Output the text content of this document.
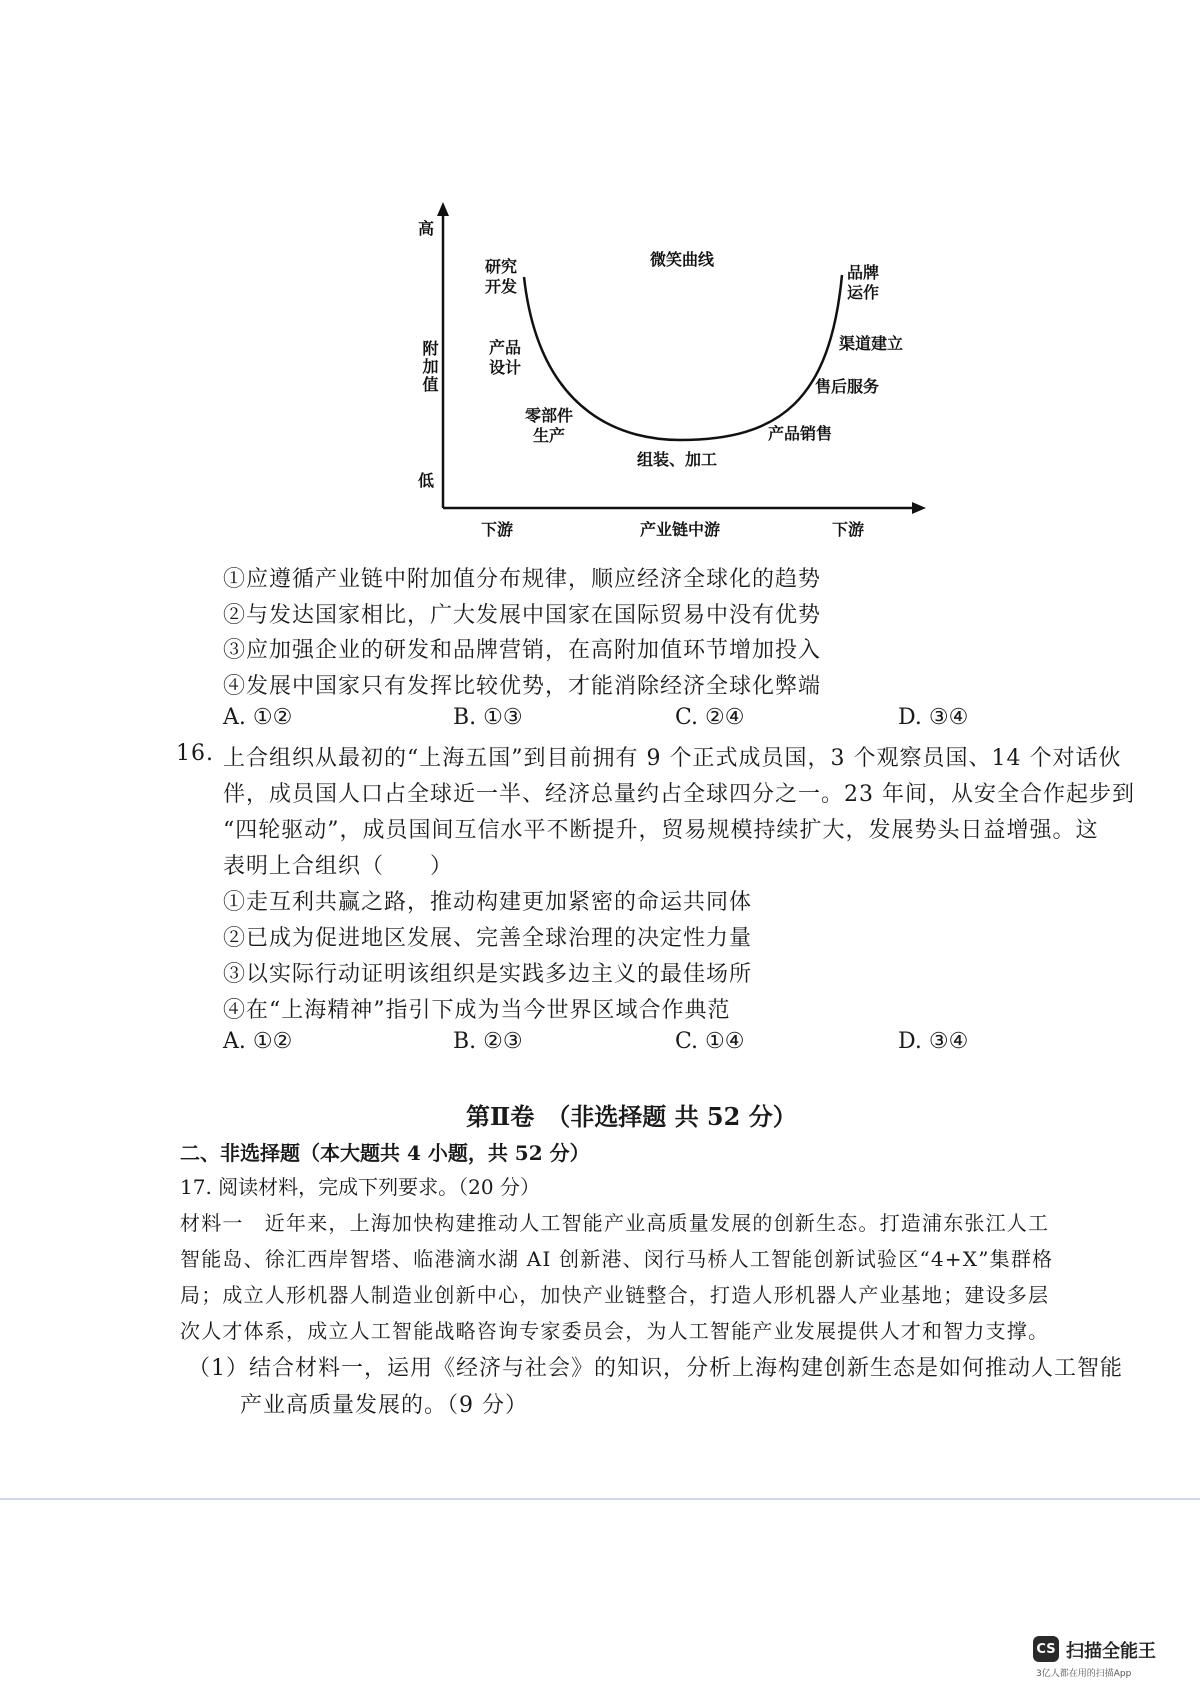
高
附加值
低
下游	产业链中游	下游
微笑曲线
研究
开发
产品
设计
零部件
生产
组装、加工
产品销售
售后服务
渠道建立
品牌
运作
①应遵循产业链中附加值分布规律，顺应经济全球化的趋势
②与发达国家相比，广大发展中国家在国际贸易中没有优势
③应加强企业的研发和品牌营销，在高附加值环节增加投入
④发展中国家只有发挥比较优势，才能消除经济全球化弊端
A. ①②	B. ①③	C. ②④	D. ③④
16. 上合组织从最初的“上海五国”到目前拥有 9 个正式成员国，3 个观察员国、14 个对话伙
伴，成员国人口占全球近一半、经济总量约占全球四分之一。23 年间，从安全合作起步到
“四轮驱动”，成员国间互信水平不断提升，贸易规模持续扩大，发展势头日益增强。这
表明上合组织（　　）
①走互利共赢之路，推动构建更加紧密的命运共同体
②已成为促进地区发展、完善全球治理的决定性力量
③以实际行动证明该组织是实践多边主义的最佳场所
④在“上海精神”指引下成为当今世界区域合作典范
A. ①②	B. ②③	C. ①④	D. ③④
第Ⅱ卷　（非选择题 共 52 分）
二、非选择题（本大题共 4 小题，共 52 分）
17. 阅读材料，完成下列要求。（20 分）
材料一　近年来，上海加快构建推动人工智能产业高质量发展的创新生态。打造浦东张江人工
智能岛、徐汇西岸智塔、临港滴水湖 AI 创新港、闵行马桥人工智能创新试验区“4+X”集群格
局；成立人形机器人制造业创新中心，加快产业链整合，打造人形机器人产业基地；建设多层
次人才体系，成立人工智能战略咨询专家委员会，为人工智能产业发展提供人才和智力支撑。
（1）结合材料一，运用《经济与社会》的知识，分析上海构建创新生态是如何推动人工智能
产业高质量发展的。（9 分）
CS 扫描全能王
3亿人都在用的扫描App
